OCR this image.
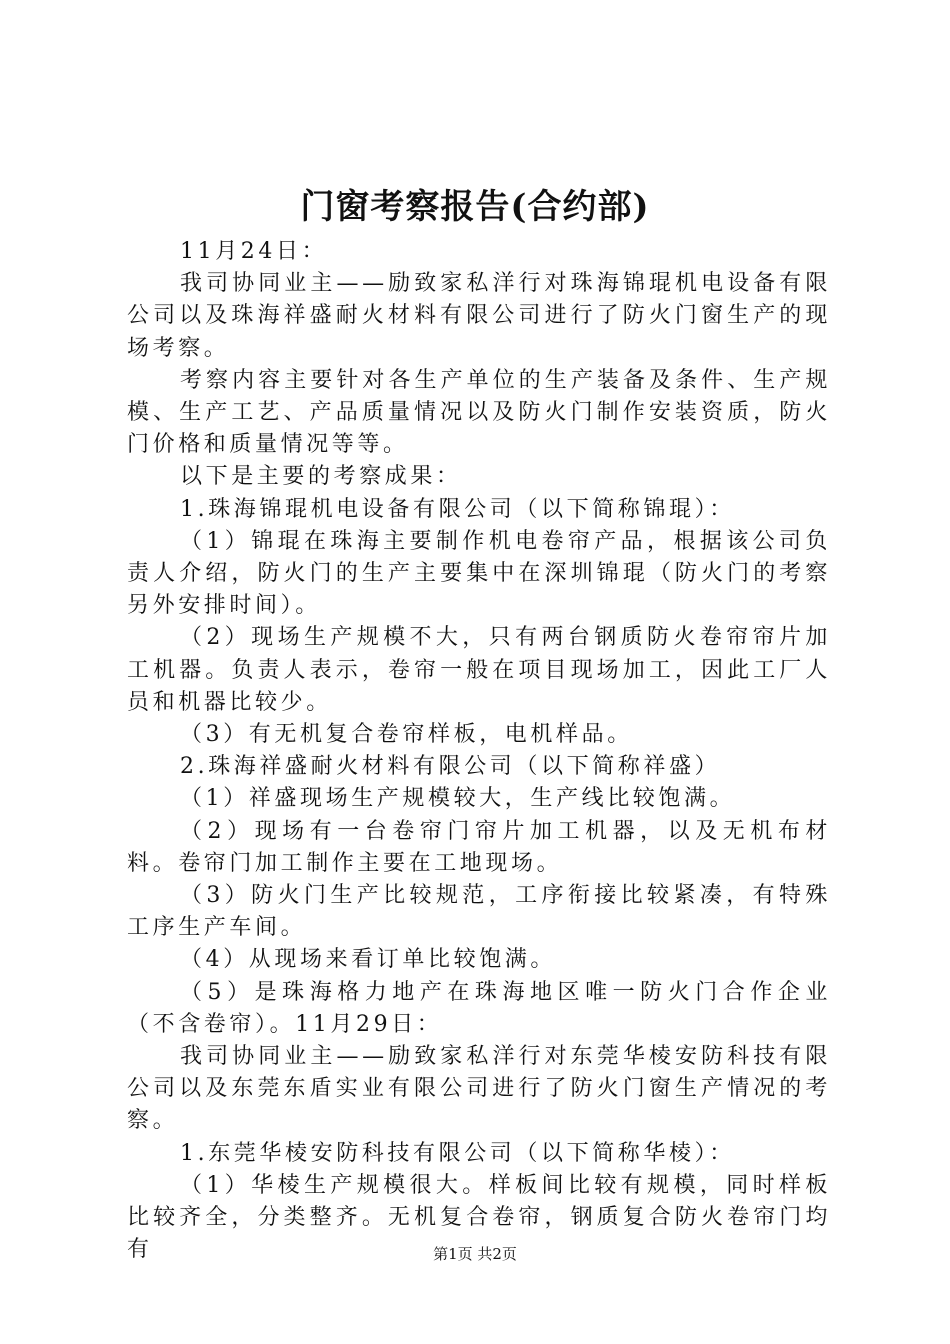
门窗考察报告(合约部)

11月24日：

我司协同业主——励致家私洋行对珠海锦琨机电设备有限公司以及珠海祥盛耐火材料有限公司进行了防火门窗生产的现场考察。

考察内容主要针对各生产单位的生产装备及条件、生产规模、生产工艺、产品质量情况以及防火门制作安装资质，防火门价格和质量情况等等。

以下是主要的考察成果：

1.珠海锦琨机电设备有限公司（以下简称锦琨）：

（1）锦琨在珠海主要制作机电卷帘产品，根据该公司负责人介绍，防火门的生产主要集中在深圳锦琨（防火门的考察另外安排时间）。

（2）现场生产规模不大，只有两台钢质防火卷帘帘片加工机器。负责人表示，卷帘一般在项目现场加工，因此工厂人员和机器比较少。

（3）有无机复合卷帘样板，电机样品。

2.珠海祥盛耐火材料有限公司（以下简称祥盛）

（1）祥盛现场生产规模较大，生产线比较饱满。

（2）现场有一台卷帘门帘片加工机器，以及无机布材料。卷帘门加工制作主要在工地现场。

（3）防火门生产比较规范，工序衔接比较紧凑，有特殊工序生产车间。

（4）从现场来看订单比较饱满。

（5）是珠海格力地产在珠海地区唯一防火门合作企业（不含卷帘）。11月29日：

我司协同业主——励致家私洋行对东莞华棱安防科技有限公司以及东莞东盾实业有限公司进行了防火门窗生产情况的考察。

1.东莞华棱安防科技有限公司（以下简称华棱）：

（1）华棱生产规模很大。样板间比较有规模，同时样板比较齐全，分类整齐。无机复合卷帘，钢质复合防火卷帘门均有	第1页 共2页
